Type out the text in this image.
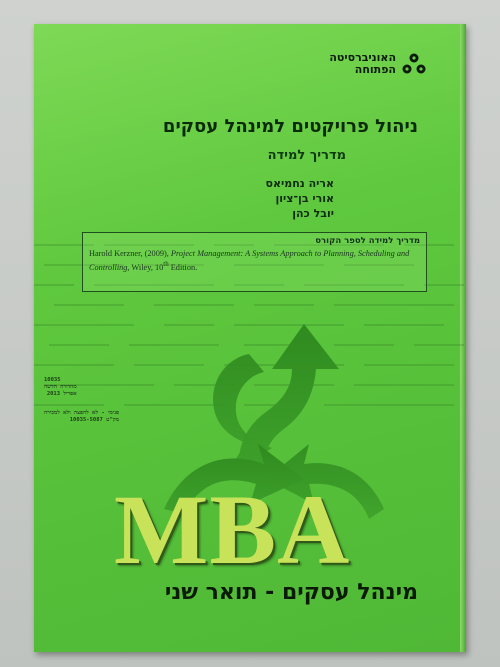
האוניברסיטה
הפתוחה
ניהול פרויקטים למינהל עסקים
מדריך למידה
אריה נחמיאס
אורי בן־ציון
יובל כהן
מדריך למידה לספר הקורס
Harold Kerzner, (2009), Project Management: A Systems Approach to Planning, Scheduling and Controlling, Wiley, 10th Edition.
10035
מהדורה חדשה
אפריל 2013
פנימי - לא להפצה ולא למכירה
מק"ט 10035-5087
MBA
מינהל עסקים - תואר שני
